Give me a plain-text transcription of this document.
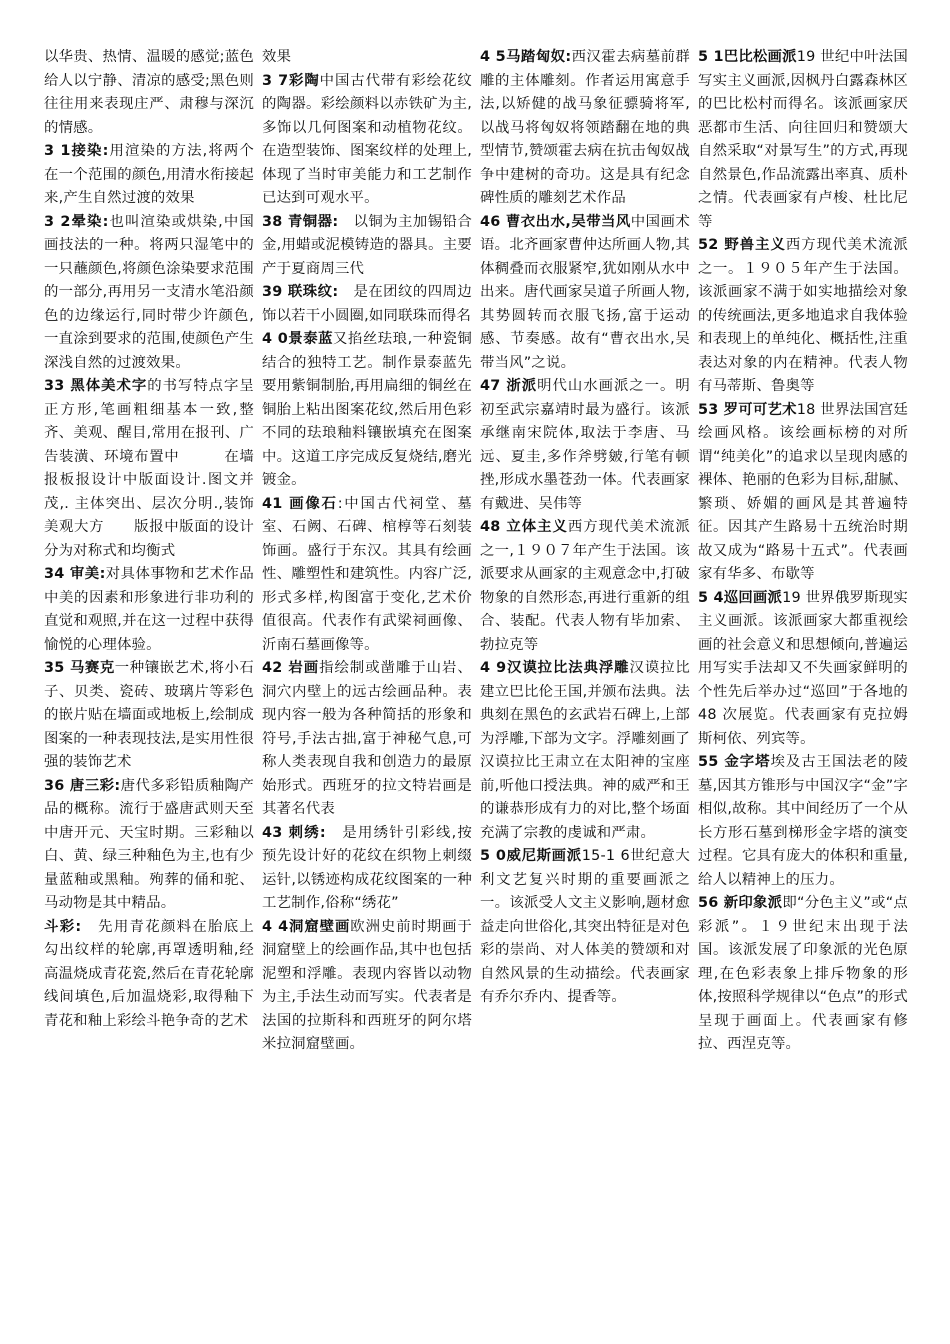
以华贵、热情、温暖的感觉;蓝色给人以宁静、清凉的感受;黑色则往往用来表现庄严、肃穆与深沉的情感。

3 1接染:用渲染的方法,将两个在一个范围的颜色,用清水衔接起来,产生自然过渡的效果

3 2晕染:也叫渲染或烘染,中国画技法的一种。将两只湿笔中的一只蘸颜色,将颜色涂染要求范围的一部分,再用另一支清水笔沿颜色的边缘运行,同时带少许颜色,一直涂到要求的范围,使颜色产生深浅自然的过渡效果。

33 黑体美术字的书写特点字呈正方形,笔画粗细基本一致,整齐、美观、醒目,常用在报刊、广告装潢、环境布置中　　　在墙报板报设计中版面设计.图文并茂,. 主体突出、层次分明.,装饰美观大方　　版报中版面的设计分为对称式和均衡式

34 审美:对具体事物和艺术作品中美的因素和形象进行非功利的直觉和观照,并在这一过程中获得愉悦的心理体验。

35 马赛克一种镶嵌艺术,将小石子、贝类、瓷砖、玻璃片等彩色的嵌片贴在墙面或地板上,绘制成图案的一种表现技法,是实用性很强的装饰艺术

36 唐三彩:唐代多彩铅质釉陶产品的概称。流行于盛唐武则天至中唐开元、天宝时期。三彩釉以白、黄、绿三种釉色为主,也有少量蓝釉或黑釉。殉葬的俑和驼、马动物是其中精品。

斗彩:　先用青花颜料在胎底上勾出纹样的轮廓,再罩透明釉,经高温烧成青花瓷,然后在青花轮廓线间填色,后加温烧彩,取得釉下青花和釉上彩绘斗艳争奇的艺术

效果

3 7彩陶中国古代带有彩绘花纹的陶器。彩绘颜料以赤铁矿为主,多饰以几何图案和动植物花纹。在造型装饰、图案纹样的处理上,体现了当时审美能力和工艺制作已达到可观水平。

38 青铜器:　以铜为主加锡铅合金,用蜡或泥模铸造的器具。主要产于夏商周三代

39 联珠纹:　是在团纹的四周边饰以若干小圆圈,如同联珠而得名

4 0景泰蓝又掐丝珐琅,一种瓷铜结合的独特工艺。制作景泰蓝先要用紫铜制胎,再用扁细的铜丝在铜胎上粘出图案花纹,然后用色彩不同的珐琅釉料镶嵌填充在图案中。这道工序完成反复烧结,磨光镀金。

41 画像石:中国古代祠堂、墓室、石阙、石碑、棺椁等石刻装饰画。盛行于东汉。其具有绘画性、雕塑性和建筑性。内容广泛,形式多样,构图富于变化,艺术价值很高。代表作有武梁祠画像、沂南石墓画像等。

42 岩画指绘制或凿雕于山岩、洞穴内壁上的远古绘画品种。表现内容一般为各种简括的形象和符号,手法古拙,富于神秘气息,可称人类表现自我和创造力的最原始形式。西班牙的拉文特岩画是其著名代表

43 刺绣:　是用绣针引彩线,按预先设计好的花纹在织物上刺缀运针,以锈迹构成花纹图案的一种工艺制作,俗称“绣花”

4 4洞窟壁画欧洲史前时期画于洞窟壁上的绘画作品,其中也包括泥塑和浮雕。表现内容皆以动物为主,手法生动而写实。代表者是法国的拉斯科和西班牙的阿尔塔米拉洞窟壁画。

4 5马踏匈奴:西汉霍去病墓前群雕的主体雕刻。作者运用寓意手法,以矫健的战马象征骠骑将军,以战马将匈奴将领踏翻在地的典型情节,赞颂霍去病在抗击匈奴战争中建树的奇功。这是具有纪念碑性质的雕刻艺术作品

46 曹衣出水,吴带当风中国画术语。北齐画家曹仲达所画人物,其体稠叠而衣服紧窄,犹如刚从水中出来。唐代画家吴道子所画人物,其势圆转而衣服飞扬,富于运动感、节奏感。故有“曹衣出水,吴带当风”之说。

47 浙派明代山水画派之一。明初至武宗嘉靖时最为盛行。该派承继南宋院体,取法于李唐、马远、夏圭,多作斧劈皴,行笔有顿挫,形成水墨苍劲一体。代表画家有戴进、吴伟等

48 立体主义西方现代美术流派之一,１９０７年产生于法国。该派要求从画家的主观意念中,打破物象的自然形态,再进行重新的组合、装配。代表人物有毕加索、勃拉克等

4 9汉谟拉比法典浮雕汉谟拉比建立巴比伦王国,并颁布法典。法典刻在黑色的玄武岩石碑上,上部为浮雕,下部为文字。浮雕刻画了汉谟拉比王肃立在太阳神的宝座前,听他口授法典。神的威严和王的谦恭形成有力的对比,整个场面充满了宗教的虔诚和严肃。

5 0威尼斯画派15-1 6世纪意大利文艺复兴时期的重要画派之一。该派受人文主义影响,题材愈益走向世俗化,其突出特征是对色彩的崇尚、对人体美的赞颂和对自然风景的生动描绘。代表画家有乔尔乔内、提香等。

5 1巴比松画派19 世纪中叶法国写实主义画派,因枫丹白露森林区的巴比松村而得名。该派画家厌恶都市生活、向往回归和赞颂大自然采取“对景写生”的方式,再现自然景色,作品流露出率真、质朴之情。代表画家有卢梭、杜比尼等

52 野兽主义西方现代美术流派之一。１９０５年产生于法国。该派画家不满于如实地描绘对象的传统画法,更多地追求自我体验和表现上的单纯化、概括性,注重表达对象的内在精神。代表人物有马蒂斯、鲁奥等

53 罗可可艺术18 世界法国宫廷绘画风格。该绘画标榜的对所谓“纯美化”的追求以呈现肉感的裸体、艳丽的色彩为目标,甜腻、繁琐、娇媚的画风是其普遍特征。因其产生路易十五统治时期故又成为“路易十五式”。代表画家有华多、布歇等

5 4巡回画派19 世界俄罗斯现实主义画派。该派画家大都重视绘画的社会意义和思想倾向,普遍运用写实手法却又不失画家鲜明的个性先后举办过“巡回”于各地的 48 次展览。代表画家有克拉姆斯柯依、列宾等。

55 金字塔埃及古王国法老的陵墓,因其方锥形与中国汉字“金”字相似,故称。其中间经历了一个从长方形石墓到梯形金字塔的演变过程。它具有庞大的体积和重量,给人以精神上的压力。

56 新印象派即“分色主义”或“点彩派”。１９世纪末出现于法国。该派发展了印象派的光色原理,在色彩表象上排斥物象的形体,按照科学规律以“色点”的形式呈现于画面上。代表画家有修拉、西涅克等。
